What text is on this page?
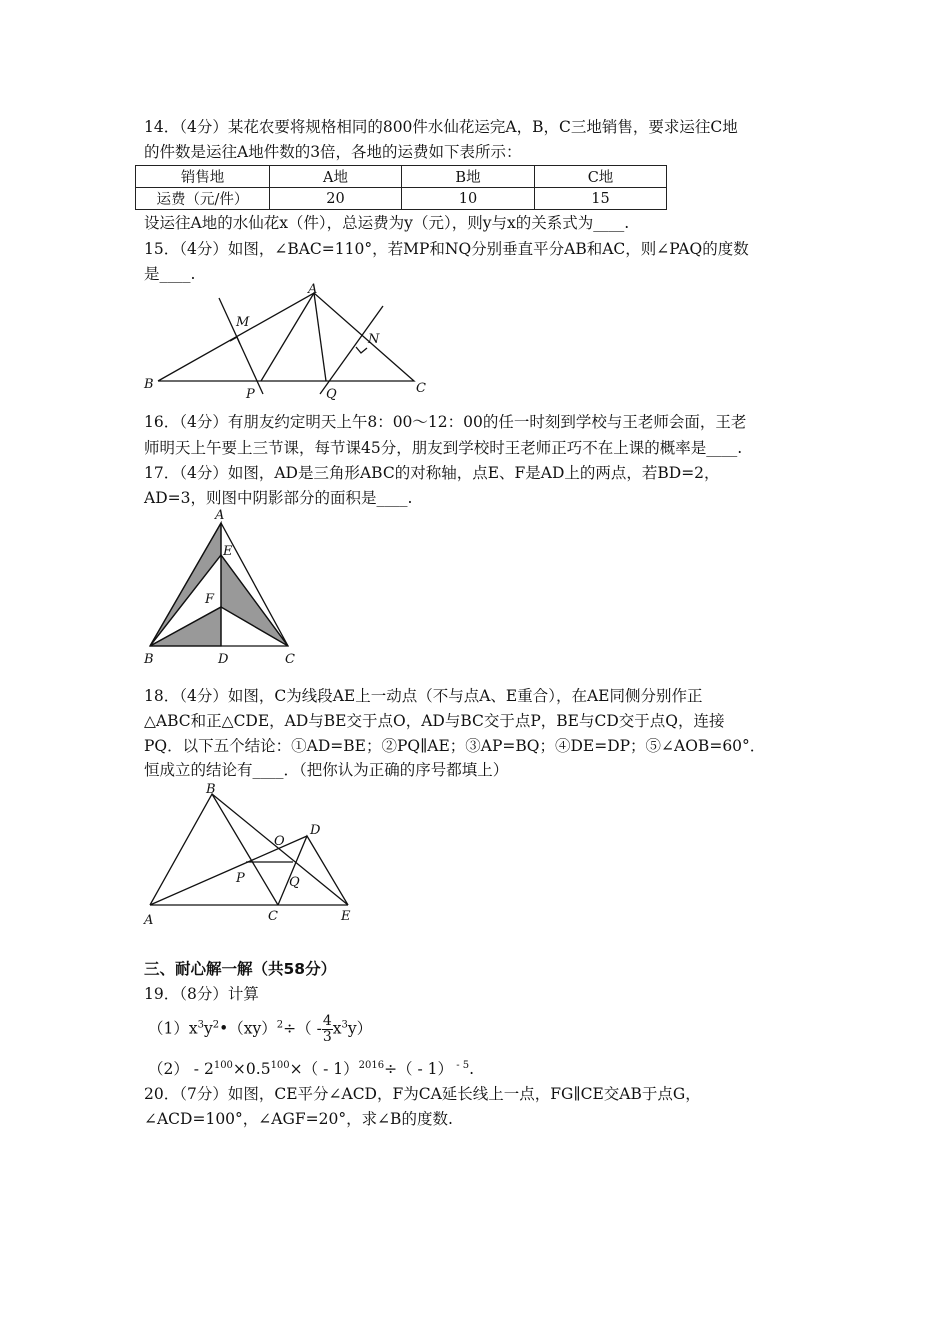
14．（4分）某花农要将规格相同的800件水仙花运完A，B，C三地销售，要求运往C地
的件数是运往A地件数的3倍，各地的运费如下表所示：
销售地	A地	B地	C地
运费（元/件）	20	10	15
设运往A地的水仙花x（件），总运费为y（元），则y与x的关系式为____.
15．（4分）如图，∠BAC=110°，若MP和NQ分别垂直平分AB和AC，则∠PAQ的度数
是____.
A
B	C
M
N
P	Q
16．（4分）有朋友约定明天上午8：00～12：00的任一时刻到学校与王老师会面，王老
师明天上午要上三节课，每节课45分，朋友到学校时王老师正巧不在上课的概率是____.
17．（4分）如图，AD是三角形ABC的对称轴，点E、F是AD上的两点，若BD=2，
AD=3，则图中阴影部分的面积是____.
A
E
F
B	D	C
18．（4分）如图，C为线段AE上一动点（不与点A、E重合），在AE同侧分别作正
△ABC和正△CDE，AD与BE交于点O，AD与BC交于点P，BE与CD交于点Q，连接
PQ．以下五个结论：①AD=BE；②PQ∥AE；③AP=BQ；④DE=DP；⑤∠AOB=60°．
恒成立的结论有____．（把你认为正确的序号都填上）
B
D
O
P	Q
A	C	E
三、耐心解一解（共58分）
19．（8分）计算
$(1)x^3y^2•(xy)^2\div( - \frac{4}{3} x^3y)$
$(2) - 2^{100}\times 0.5^{100}\times( - 1)^{2016}\div( - 1)$ $^{- 5}$.
20．（7分）如图，CE平分∠ACD，F为CA延长线上一点，FG∥CE交AB于点G，
∠ACD=100°，∠AGF=20°，求∠B的度数.
